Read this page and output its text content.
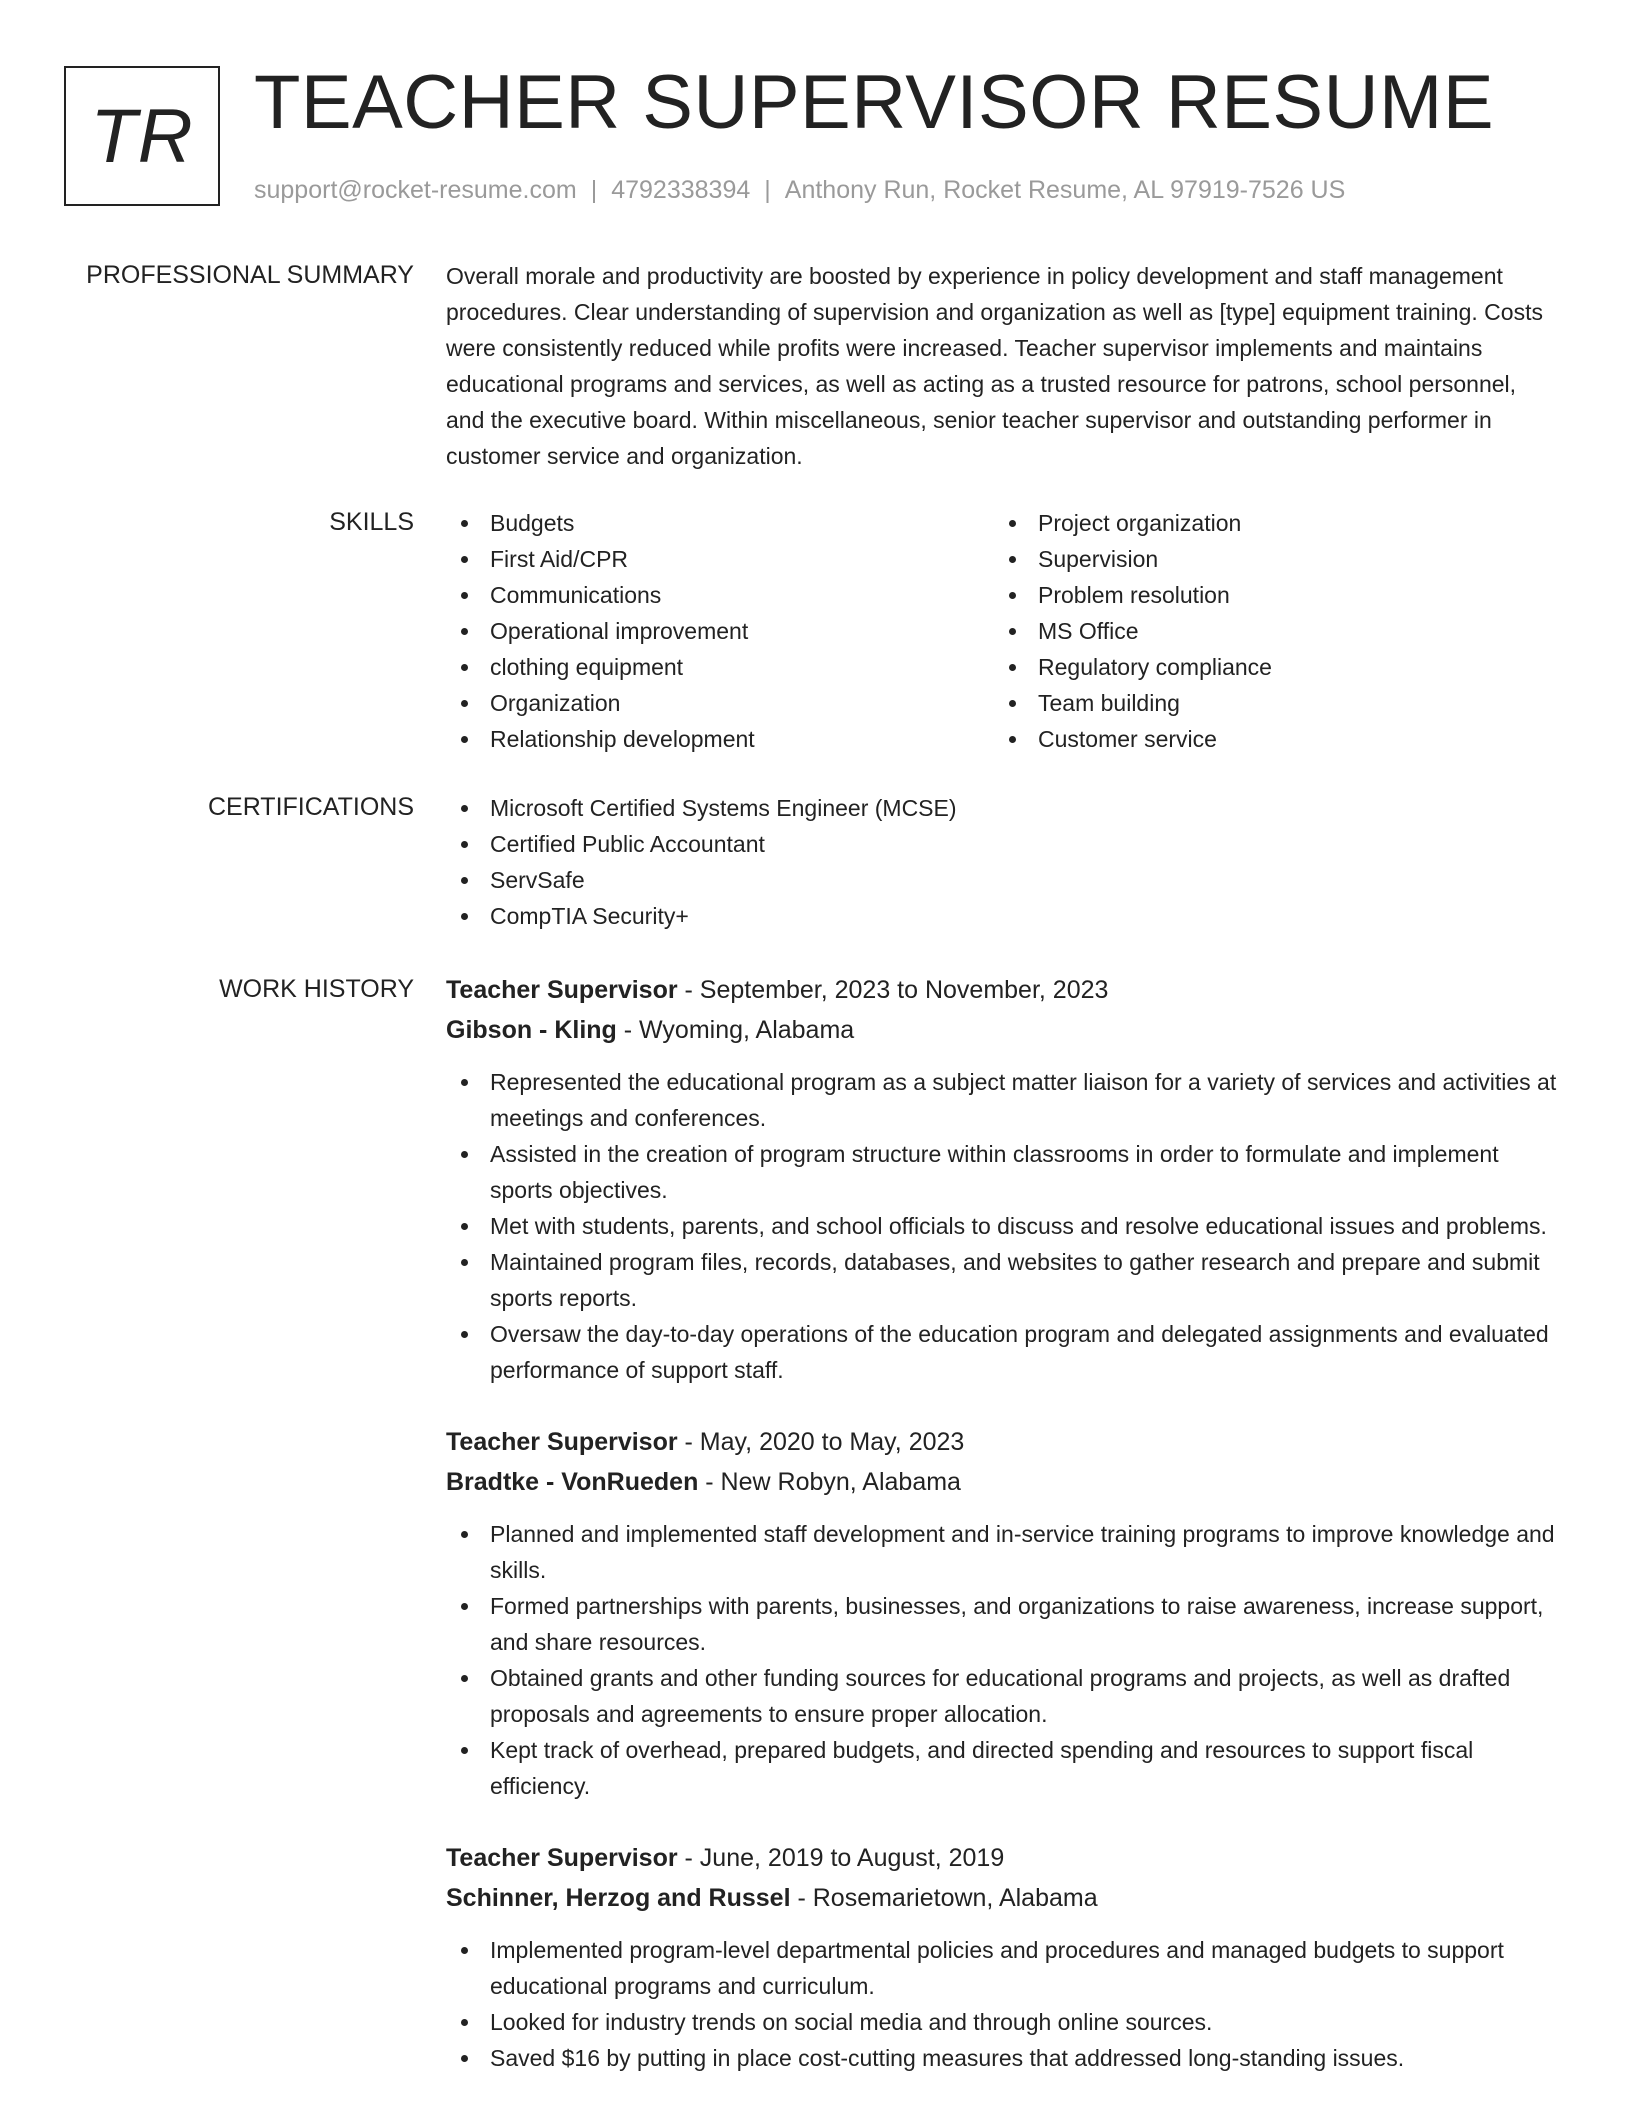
TR TEACHER SUPERVISOR RESUME
support@rocket-resume.com | 4792338394 | Anthony Run, Rocket Resume, AL 97919-7526 US
PROFESSIONAL SUMMARY Overall morale and productivity are boosted by experience in policy development and staff management procedures. Clear understanding of supervision and organization as well as [type] equipment training. Costs were consistently reduced while profits were increased. Teacher supervisor implements and maintains educational programs and services, as well as acting as a trusted resource for patrons, school personnel, and the executive board. Within miscellaneous, senior teacher supervisor and outstanding performer in customer service and organization.

SKILLS	Budgets
First Aid/CPR
Communications
Operational improvement
clothing equipment
Organization
Relationship development
Project organization
Supervision
Problem resolution
MS Office
Regulatory compliance
Team building
Customer service
CERTIFICATIONS	Microsoft Certified Systems Engineer (MCSE)
Certified Public Accountant
ServSafe
CompTIA Security+
WORK HISTORY Teacher Supervisor - September, 2023 to November, 2023
Gibson - Kling - Wyoming, Alabama
Represented the educational program as a subject matter liaison for a variety of services and activities at meetings and conferences.
Assisted in the creation of program structure within classrooms in order to formulate and implement sports objectives.
Met with students, parents, and school officials to discuss and resolve educational issues and problems.
Maintained program files, records, databases, and websites to gather research and prepare and submit sports reports.
Oversaw the day-to-day operations of the education program and delegated assignments and evaluated performance of support staff.
Teacher Supervisor - May, 2020 to May, 2023
Bradtke - VonRueden - New Robyn, Alabama
Planned and implemented staff development and in-service training programs to improve knowledge and skills.
Formed partnerships with parents, businesses, and organizations to raise awareness, increase support, and share resources.
Obtained grants and other funding sources for educational programs and projects, as well as drafted proposals and agreements to ensure proper allocation.
Kept track of overhead, prepared budgets, and directed spending and resources to support fiscal efficiency.
Teacher Supervisor - June, 2019 to August, 2019
Schinner, Herzog and Russel - Rosemarietown, Alabama
Implemented program-level departmental policies and procedures and managed budgets to support educational programs and curriculum.
Looked for industry trends on social media and through online sources.
Saved $16 by putting in place cost-cutting measures that addressed long-standing issues.
